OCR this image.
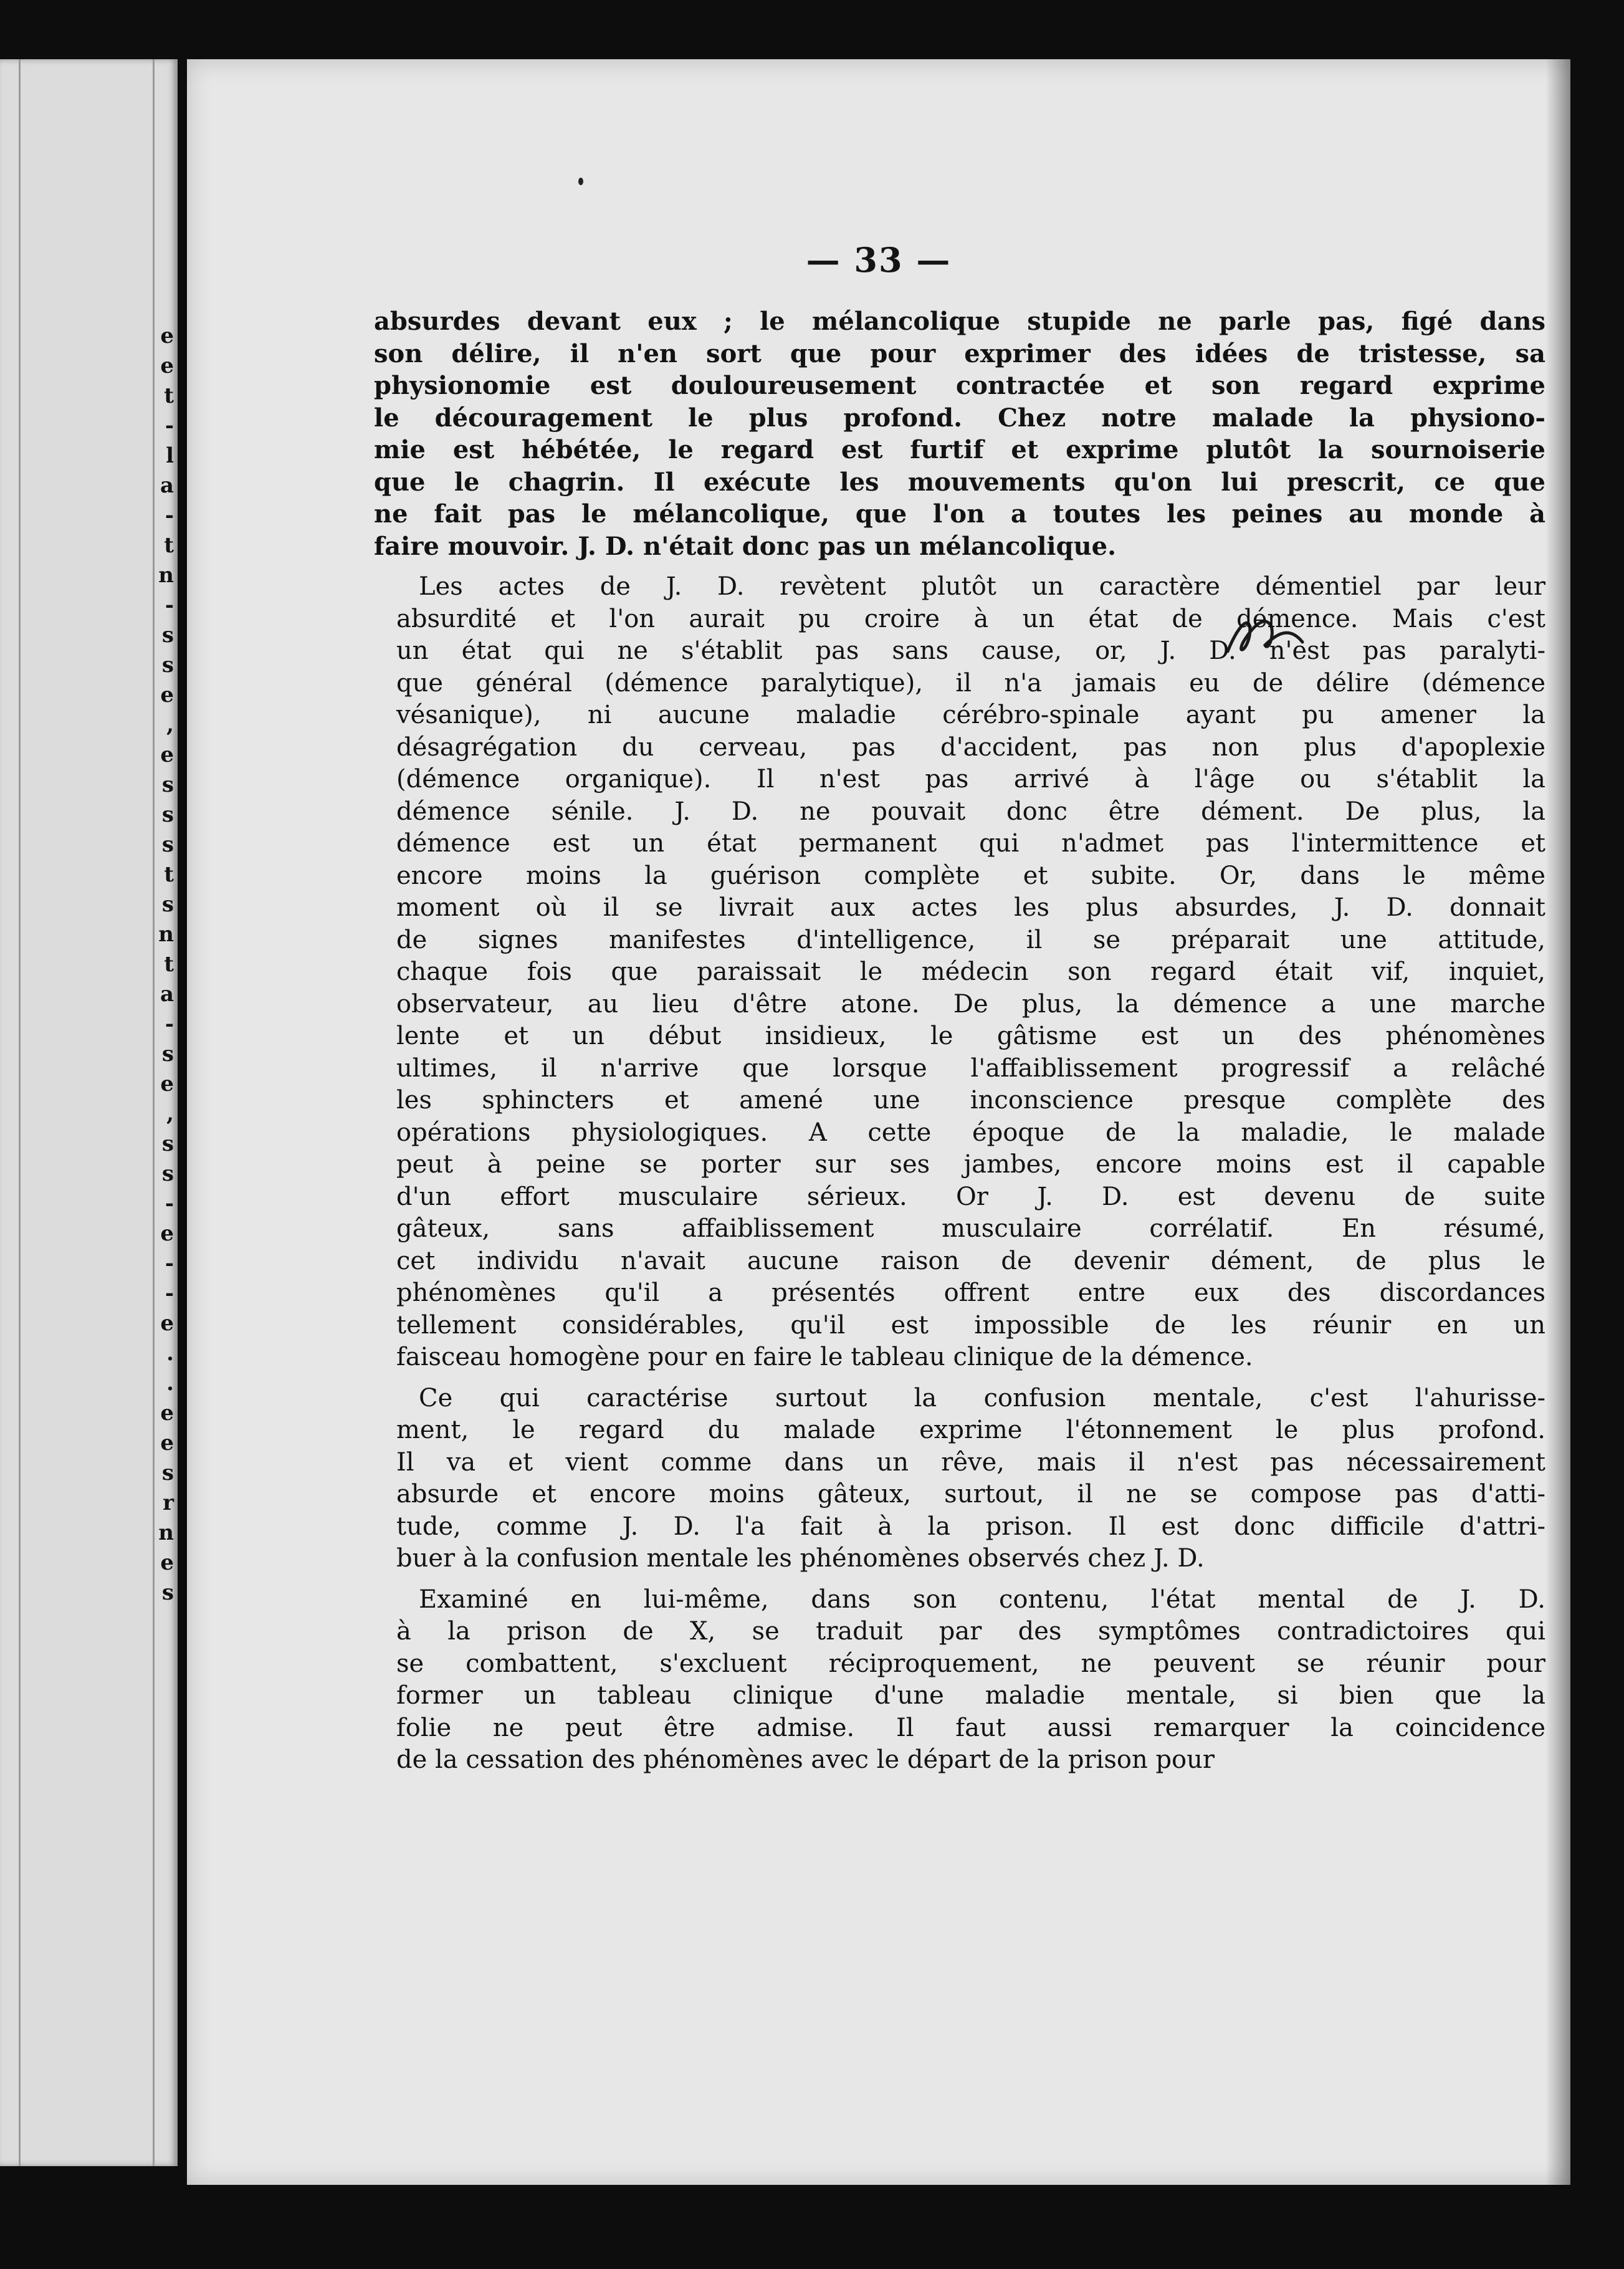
e
e
t
-
l
a
-
t
n
-
s
s
e
,
e
s
s
s
t
s
n
t
a
-
s
e
,
s
s
-
e
-
-
e
.
.
e
e
s
r
n
e
s
— 33 —

absurdes devant eux ; le mélancolique stupide ne parle pas, figé dans
son délire, il n'en sort que pour exprimer des idées de tristesse, sa
physionomie est douloureusement contractée et son regard exprime
le découragement le plus profond. Chez notre malade la physiono-
mie est hébétée, le regard est furtif et exprime plutôt la sournoiserie
que le chagrin. Il exécute les mouvements qu'on lui prescrit, ce que
ne fait pas le mélancolique, que l'on a toutes les peines au monde à
faire mouvoir. J. D. n'était donc pas un mélancolique.

Les actes de J. D. revètent plutôt un caractère démentiel par leur
absurdité et l'on aurait pu croire à un état de démence. Mais c'est
un état qui ne s'établit pas sans cause, or, J. D. n'est pas paralyti-
que général (démence paralytique), il n'a jamais eu de délire (démence
vésanique), ni aucune maladie cérébro-spinale ayant pu amener la
désagrégation du cerveau, pas d'accident, pas non plus d'apoplexie
(démence organique). Il n'est pas arrivé à l'âge ou s'établit la
démence sénile. J. D. ne pouvait donc être dément. De plus, la
démence est un état permanent qui n'admet pas l'intermittence et
encore moins la guérison complète et subite. Or, dans le même
moment où il se livrait aux actes les plus absurdes, J. D. donnait
de signes manifestes d'intelligence, il se préparait une attitude,
chaque fois que paraissait le médecin son regard était vif, inquiet,
observateur, au lieu d'être atone. De plus, la démence a une marche
lente et un début insidieux, le gâtisme est un des phénomènes
ultimes, il n'arrive que lorsque l'affaiblissement progressif a relâché
les sphincters et amené une inconscience presque complète des
opérations physiologiques. A cette époque de la maladie, le malade
peut à peine se porter sur ses jambes, encore moins est il capable
d'un effort musculaire sérieux. Or J. D. est devenu de suite
gâteux, sans affaiblissement musculaire corrélatif. En résumé,
cet individu n'avait aucune raison de devenir dément, de plus le
phénomènes qu'il a présentés offrent entre eux des discordances
tellement considérables, qu'il est impossible de les réunir en un
faisceau homogène pour en faire le tableau clinique de la démence.

Ce qui caractérise surtout la confusion mentale, c'est l'ahurisse-
ment, le regard du malade exprime l'étonnement le plus profond.
Il va et vient comme dans un rêve, mais il n'est pas nécessairement
absurde et encore moins gâteux, surtout, il ne se compose pas d'atti-
tude, comme J. D. l'a fait à la prison. Il est donc difficile d'attri-
buer à la confusion mentale les phénomènes observés chez J. D.

Examiné en lui-même, dans son contenu, l'état mental de J. D.
à la prison de X, se traduit par des symptômes contradictoires qui
se combattent, s'excluent réciproquement, ne peuvent se réunir pour
former un tableau clinique d'une maladie mentale, si bien que la
folie ne peut être admise. Il faut aussi remarquer la coincidence
de la cessation des phénomènes avec le départ de la prison pour
